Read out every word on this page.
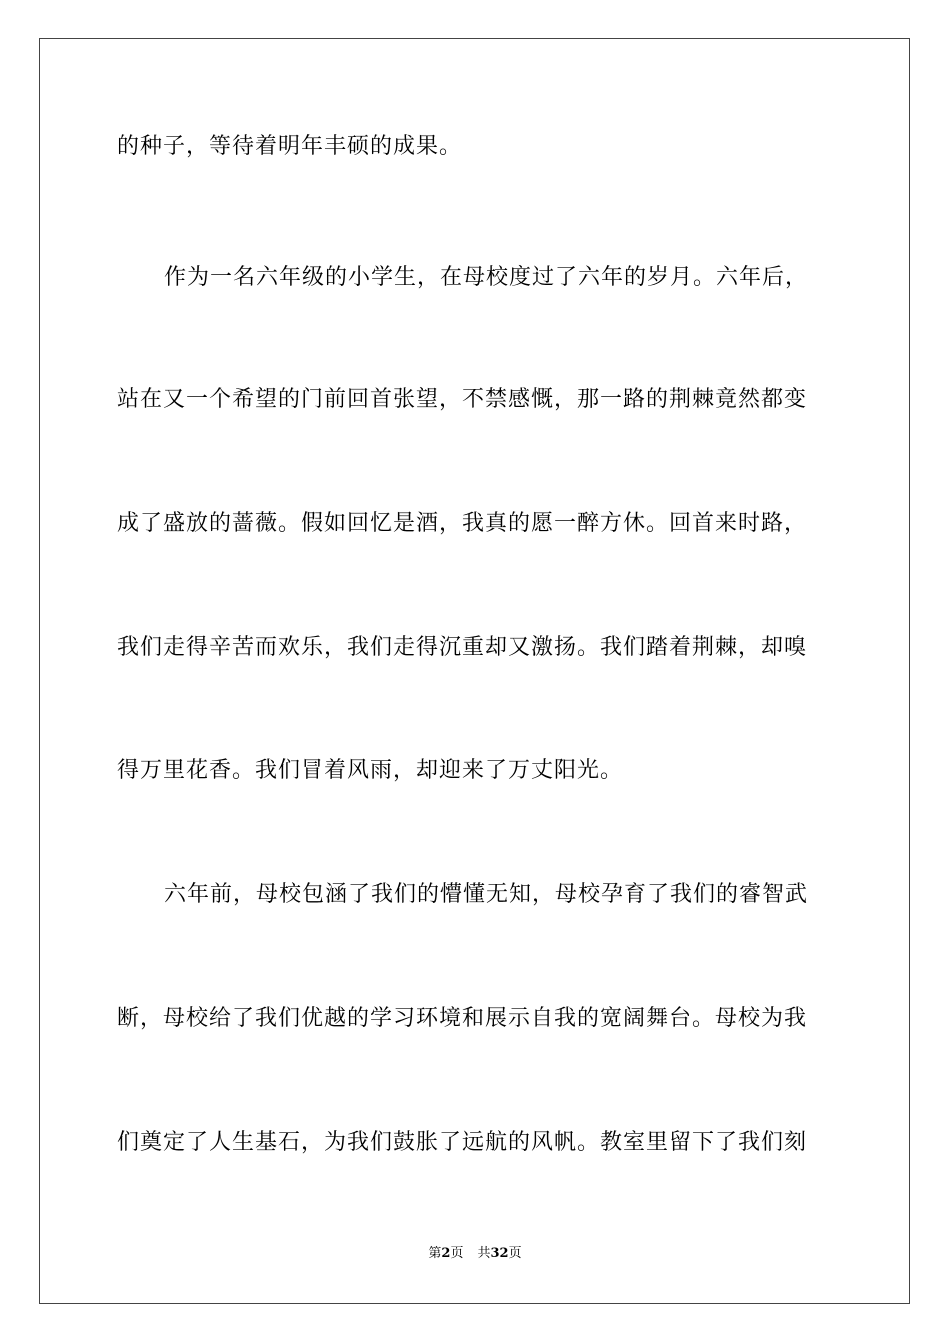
的种子，等待着明年丰硕的成果。
作为一名六年级的小学生，在母校度过了六年的岁月。六年后，
站在又一个希望的门前回首张望，不禁感慨，那一路的荆棘竟然都变
成了盛放的蔷薇。假如回忆是酒，我真的愿一醉方休。回首来时路，
我们走得辛苦而欢乐，我们走得沉重却又激扬。我们踏着荆棘，却嗅
得万里花香。我们冒着风雨，却迎来了万丈阳光。
六年前，母校包涵了我们的懵懂无知，母校孕育了我们的睿智武
断，母校给了我们优越的学习环境和展示自我的宽阔舞台。母校为我
们奠定了人生基石，为我们鼓胀了远航的风帆。教室里留下了我们刻
第2页 共32页
